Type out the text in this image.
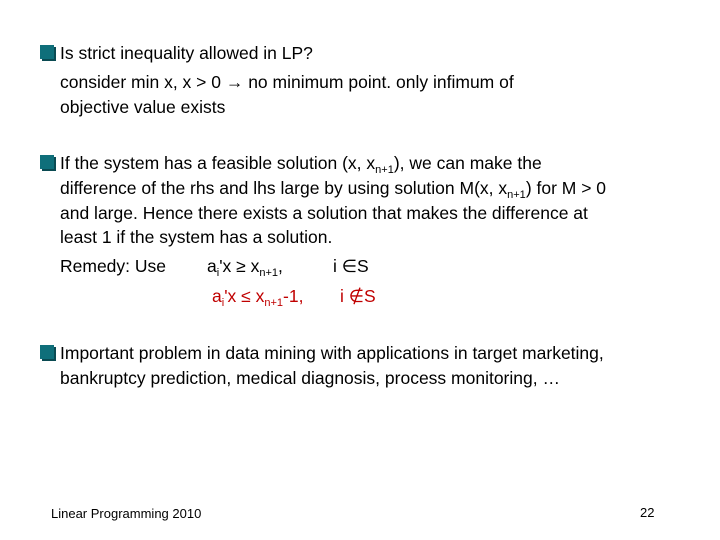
Is strict inequality allowed in LP?
consider min x, x > 0 → no minimum point. only infimum of
objective value exists
If the system has a feasible solution (x, $x_{n+1}$), we can make the
difference of the rhs and lhs large by using solution M(x, $x_{n+1}$) for M > 0
and large. Hence there exists a solution that makes the difference at
least 1 if the system has a solution.
Remedy: Use $a_i'x \ge x_{n+1}$,	i ∈S
$a_i'x \le x_{n+1}-1$, i ∉S
Important problem in data mining with applications in target marketing,
bankruptcy prediction, medical diagnosis, process monitoring, …
Linear Programming 2010	22
